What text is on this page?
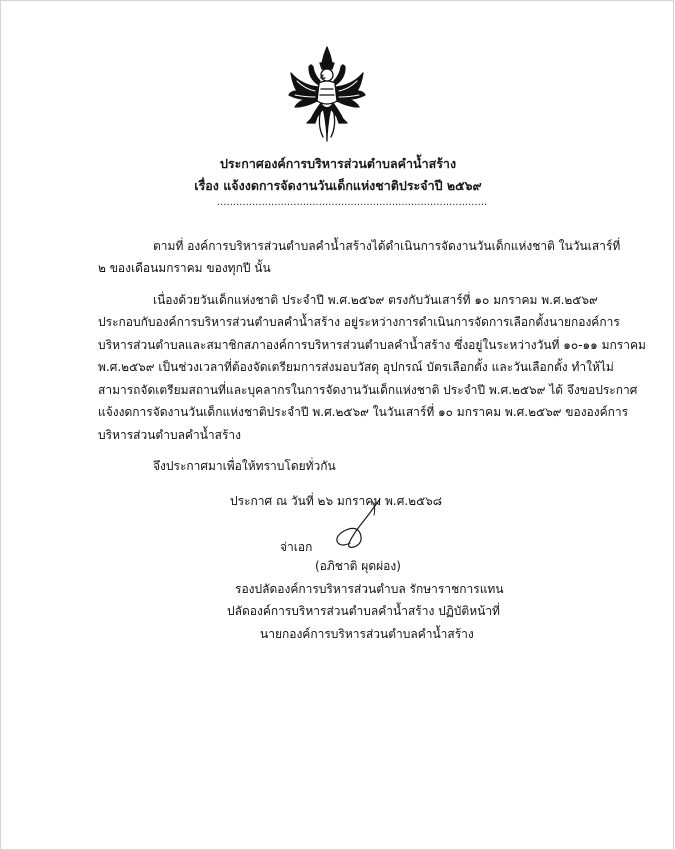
ประกาศองค์การบริหารส่วนตำบลคำน้ำสร้าง
เรื่อง แจ้งงดการจัดงานวันเด็กแห่งชาติประจำปี ๒๕๖๙
.....................................................................................
ตามที่ องค์การบริหารส่วนตำบลคำน้ำสร้างได้ดำเนินการจัดงานวันเด็กแห่งชาติ ในวันเสาร์ที่
๒ ของเดือนมกราคม ของทุกปี นั้น
เนื่องด้วยวันเด็กแห่งชาติ ประจำปี พ.ศ.๒๕๖๙ ตรงกับวันเสาร์ที่ ๑๐ มกราคม พ.ศ.๒๕๖๙
ประกอบกับองค์การบริหารส่วนตำบลคำน้ำสร้าง อยู่ระหว่างการดำเนินการจัดการเลือกตั้งนายกองค์การ
บริหารส่วนตำบลและสมาชิกสภาองค์การบริหารส่วนตำบลคำน้ำสร้าง ซึ่งอยู่ในระหว่างวันที่ ๑๐-๑๑ มกราคม
พ.ศ.๒๕๖๙ เป็นช่วงเวลาที่ต้องจัดเตรียมการส่งมอบวัสดุ อุปกรณ์ บัตรเลือกตั้ง และวันเลือกตั้ง ทำให้ไม่
สามารถจัดเตรียมสถานที่และบุคลากรในการจัดงานวันเด็กแห่งชาติ ประจำปี พ.ศ.๒๕๖๙ ได้ จึงขอประกาศ
แจ้งงดการจัดงานวันเด็กแห่งชาติประจำปี พ.ศ.๒๕๖๙ ในวันเสาร์ที่ ๑๐ มกราคม พ.ศ.๒๕๖๙ ขององค์การ
บริหารส่วนตำบลคำน้ำสร้าง
จึงประกาศมาเพื่อให้ทราบโดยทั่วกัน
ประกาศ ณ วันที่ ๒๖ มกราคม พ.ศ.๒๕๖๘
จ่าเอก
(อภิชาติ ผุดผ่อง)
รองปลัดองค์การบริหารส่วนตำบล รักษาราชการแทน
ปลัดองค์การบริหารส่วนตำบลคำน้ำสร้าง ปฏิบัติหน้าที่
นายกองค์การบริหารส่วนตำบลคำน้ำสร้าง
